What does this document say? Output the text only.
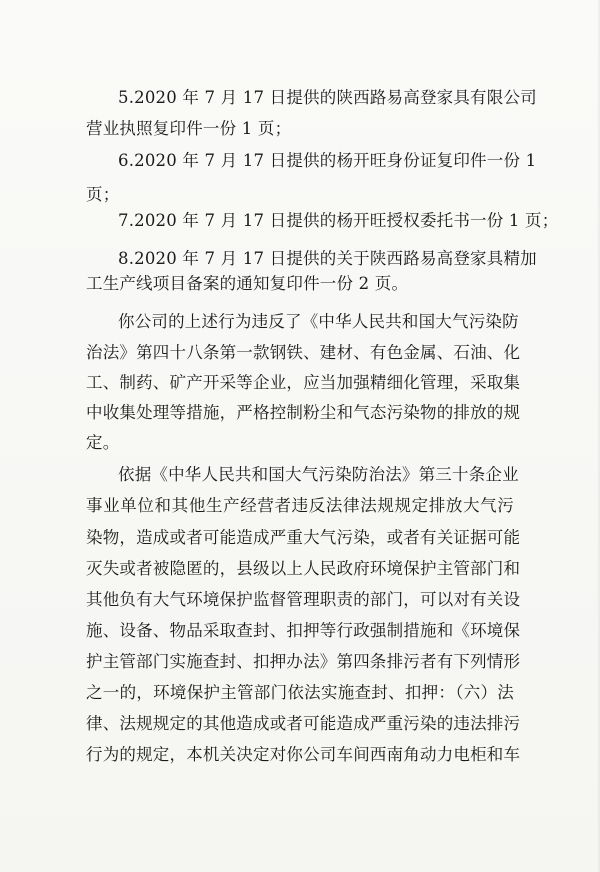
5.2020 年 7 月 17 日提供的陕西路易高登家具有限公司
营业执照复印件一份 1 页；
6.2020 年 7 月 17 日提供的杨开旺身份证复印件一份 1
页；
7.2020 年 7 月 17 日提供的杨开旺授权委托书一份 1 页；
8.2020 年 7 月 17 日提供的关于陕西路易高登家具精加
工生产线项目备案的通知复印件一份 2 页。
你公司的上述行为违反了《中华人民共和国大气污染防
治法》第四十八条第一款钢铁、建材、有色金属、石油、化
工、制药、矿产开采等企业，应当加强精细化管理，采取集
中收集处理等措施，严格控制粉尘和气态污染物的排放的规
定。
依据《中华人民共和国大气污染防治法》第三十条企业
事业单位和其他生产经营者违反法律法规规定排放大气污
染物，造成或者可能造成严重大气污染，或者有关证据可能
灭失或者被隐匿的，县级以上人民政府环境保护主管部门和
其他负有大气环境保护监督管理职责的部门，可以对有关设
施、设备、物品采取查封、扣押等行政强制措施和《环境保
护主管部门实施查封、扣押办法》第四条排污者有下列情形
之一的，环境保护主管部门依法实施查封、扣押：（六）法
律、法规规定的其他造成或者可能造成严重污染的违法排污
行为的规定，本机关决定对你公司车间西南角动力电柜和车
